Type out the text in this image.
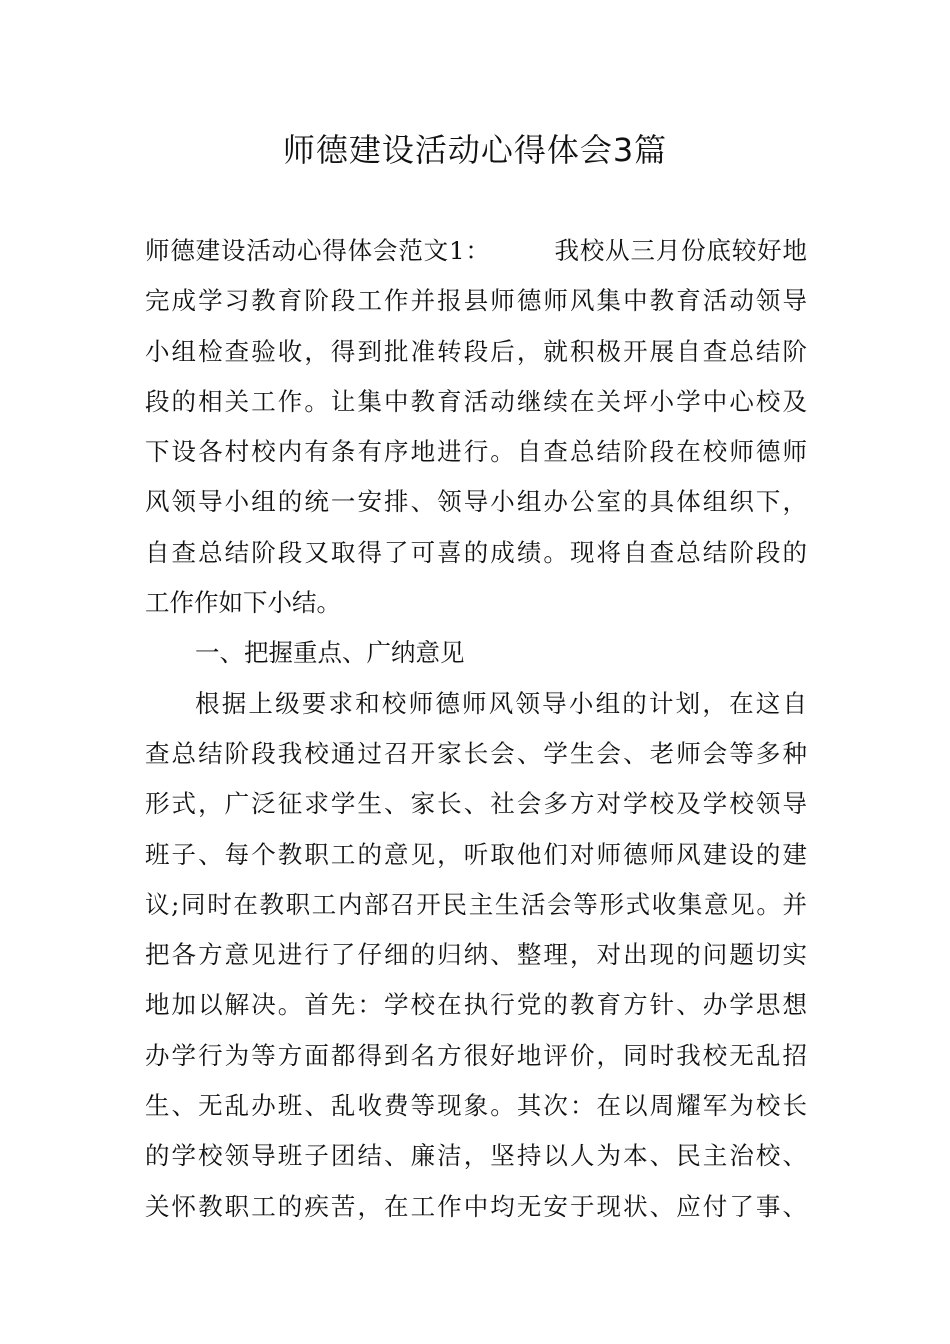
师德建设活动心得体会3篇
师德建设活动心得体会范文1：　　　我校从三月份底较好地
完成学习教育阶段工作并报县师德师风集中教育活动领导
小组检查验收，得到批准转段后，就积极开展自查总结阶
段的相关工作。让集中教育活动继续在关坪小学中心校及
下设各村校内有条有序地进行。自查总结阶段在校师德师
风领导小组的统一安排、领导小组办公室的具体组织下，
自查总结阶段又取得了可喜的成绩。现将自查总结阶段的
工作作如下小结。
一、把握重点、广纳意见
根据上级要求和校师德师风领导小组的计划，在这自
查总结阶段我校通过召开家长会、学生会、老师会等多种
形式，广泛征求学生、家长、社会多方对学校及学校领导
班子、每个教职工的意见，听取他们对师德师风建设的建
议;同时在教职工内部召开民主生活会等形式收集意见。并
把各方意见进行了仔细的归纳、整理，对出现的问题切实
地加以解决。首先：学校在执行党的教育方针、办学思想
办学行为等方面都得到名方很好地评价，同时我校无乱招
生、无乱办班、乱收费等现象。其次：在以周耀军为校长
的学校领导班子团结、廉洁，坚持以人为本、民主治校、
关怀教职工的疾苦，在工作中均无安于现状、应付了事、
